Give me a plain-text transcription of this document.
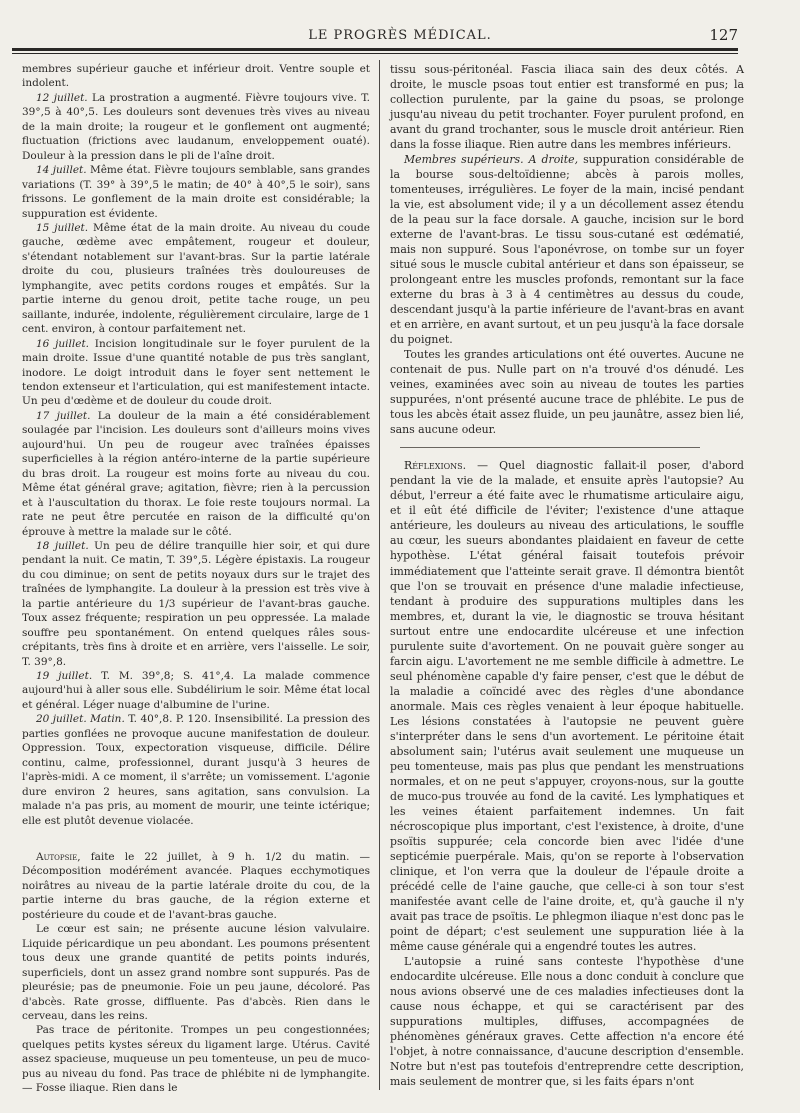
LE PROGRÈS MÉDICAL.	127

membres supérieur gauche et inférieur droit. Ventre souple et indolent.

12 juillet. La prostration a augmenté. Fièvre toujours vive. T. 39°,5 à 40°,5. Les douleurs sont devenues très vives au niveau de la main droite; la rougeur et le gonflement ont augmenté; fluctuation (frictions avec laudanum, enveloppement ouaté). Douleur à la pression dans le pli de l'aîne droit.

14 juillet. Même état. Fièvre toujours semblable, sans grandes variations (T. 39° à 39°,5 le matin; de 40° à 40°,5 le soir), sans frissons. Le gonflement de la main droite est considérable; la suppuration est évidente.

15 juillet. Même état de la main droite. Au niveau du coude gauche, œdème avec empâtement, rougeur et douleur, s'étendant notablement sur l'avant-bras. Sur la partie latérale droite du cou, plusieurs traînées très douloureuses de lymphangite, avec petits cordons rouges et empâtés. Sur la partie interne du genou droit, petite tache rouge, un peu saillante, indurée, indolente, régulièrement circulaire, large de 1 cent. environ, à contour parfaitement net.

16 juillet. Incision longitudinale sur le foyer purulent de la main droite. Issue d'une quantité notable de pus très sanglant, inodore. Le doigt introduit dans le foyer sent nettement le tendon extenseur et l'articulation, qui est manifestement intacte. Un peu d'œdème et de douleur du coude droit.

17 juillet. La douleur de la main a été considérablement soulagée par l'incision. Les douleurs sont d'ailleurs moins vives aujourd'hui. Un peu de rougeur avec traînées épaisses superficielles à la région antéro-interne de la partie supérieure du bras droit. La rougeur est moins forte au niveau du cou. Même état général grave; agitation, fièvre; rien à la percussion et à l'auscultation du thorax. Le foie reste toujours normal. La rate ne peut être percutée en raison de la difficulté qu'on éprouve à mettre la malade sur le côté.

18 juillet. Un peu de délire tranquille hier soir, et qui dure pendant la nuit. Ce matin, T. 39°,5. Légère épistaxis. La rougeur du cou diminue; on sent de petits noyaux durs sur le trajet des traînées de lymphangite. La douleur à la pression est très vive à la partie antérieure du 1/3 supérieur de l'avant-bras gauche. Toux assez fréquente; respiration un peu oppressée. La malade souffre peu spontanément. On entend quelques râles sous-crépitants, très fins à droite et en arrière, vers l'aisselle. Le soir, T. 39°,8.

19 juillet. T. M. 39°,8; S. 41°,4. La malade commence aujourd'hui à aller sous elle. Subdélirium le soir. Même état local et général. Léger nuage d'albumine de l'urine.

20 juillet. Matin. T. 40°,8. P. 120. Insensibilité. La pression des parties gonflées ne provoque aucune manifestation de douleur. Oppression. Toux, expectoration visqueuse, difficile. Délire continu, calme, professionnel, durant jusqu'à 3 heures de l'après-midi. A ce moment, il s'arrête; un vomissement. L'agonie dure environ 2 heures, sans agitation, sans convulsion. La malade n'a pas pris, au moment de mourir, une teinte ictérique; elle est plutôt devenue violacée.

Autopsie, faite le 22 juillet, à 9 h. 1/2 du matin. — Décomposition modérément avancée. Plaques ecchymotiques noirâtres au niveau de la partie latérale droite du cou, de la partie interne du bras gauche, de la région externe et postérieure du coude et de l'avant-bras gauche.

Le cœur est sain; ne présente aucune lésion valvulaire. Liquide péricardique un peu abondant. Les poumons présentent tous deux une grande quantité de petits points indurés, superficiels, dont un assez grand nombre sont suppurés. Pas de pleurésie; pas de pneumonie. Foie un peu jaune, décoloré. Pas d'abcès. Rate grosse, diffluente. Pas d'abcès. Rien dans le cerveau, dans les reins.

Pas trace de péritonite. Trompes un peu congestionnées; quelques petits kystes séreux du ligament large. Utérus. Cavité assez spacieuse, muqueuse un peu tomenteuse, un peu de muco-pus au niveau du fond. Pas trace de phlébite ni de lymphangite. — Fosse iliaque. Rien dans le

tissu sous-péritonéal. Fascia iliaca sain des deux côtés. A droite, le muscle psoas tout entier est transformé en pus; la collection purulente, par la gaine du psoas, se prolonge jusqu'au niveau du petit trochanter. Foyer purulent profond, en avant du grand trochanter, sous le muscle droit antérieur. Rien dans la fosse iliaque. Rien autre dans les membres inférieurs.

Membres supérieurs. A droite, suppuration considérable de la bourse sous-deltoïdienne; abcès à parois molles, tomenteuses, irrégulières. Le foyer de la main, incisé pendant la vie, est absolument vide; il y a un décollement assez étendu de la peau sur la face dorsale. A gauche, incision sur le bord externe de l'avant-bras. Le tissu sous-cutané est œdématié, mais non suppuré. Sous l'aponévrose, on tombe sur un foyer situé sous le muscle cubital antérieur et dans son épaisseur, se prolongeant entre les muscles profonds, remontant sur la face externe du bras à 3 à 4 centimètres au dessus du coude, descendant jusqu'à la partie inférieure de l'avant-bras en avant et en arrière, en avant surtout, et un peu jusqu'à la face dorsale du poignet.

Toutes les grandes articulations ont été ouvertes. Aucune ne contenait de pus. Nulle part on n'a trouvé d'os dénudé. Les veines, examinées avec soin au niveau de toutes les parties suppurées, n'ont présenté aucune trace de phlébite. Le pus de tous les abcès était assez fluide, un peu jaunâtre, assez bien lié, sans aucune odeur.

Réflexions. — Quel diagnostic fallait-il poser, d'abord pendant la vie de la malade, et ensuite après l'autopsie? Au début, l'erreur a été faite avec le rhumatisme articulaire aigu, et il eût été difficile de l'éviter; l'existence d'une attaque antérieure, les douleurs au niveau des articulations, le souffle au cœur, les sueurs abondantes plaidaient en faveur de cette hypothèse. L'état général faisait toutefois prévoir immédiatement que l'atteinte serait grave. Il démontra bientôt que l'on se trouvait en présence d'une maladie infectieuse, tendant à produire des suppurations multiples dans les membres, et, durant la vie, le diagnostic se trouva hésitant surtout entre une endocardite ulcéreuse et une infection purulente suite d'avortement. On ne pouvait guère songer au farcin aigu. L'avortement ne me semble difficile à admettre. Le seul phénomène capable d'y faire penser, c'est que le début de la maladie a coïncidé avec des règles d'une abondance anormale. Mais ces règles venaient à leur époque habituelle. Les lésions constatées à l'autopsie ne peuvent guère s'interpréter dans le sens d'un avortement. Le péritoine était absolument sain; l'utérus avait seulement une muqueuse un peu tomenteuse, mais pas plus que pendant les menstruations normales, et on ne peut s'appuyer, croyons-nous, sur la goutte de muco-pus trouvée au fond de la cavité. Les lymphatiques et les veines étaient parfaitement indemnes. Un fait nécroscopique plus important, c'est l'existence, à droite, d'une psoïtis suppurée; cela concorde bien avec l'idée d'une septicémie puerpérale. Mais, qu'on se reporte à l'observation clinique, et l'on verra que la douleur de l'épaule droite a précédé celle de l'aine gauche, que celle-ci à son tour s'est manifestée avant celle de l'aine droite, et, qu'à gauche il n'y avait pas trace de psoïtis. Le phlegmon iliaque n'est donc pas le point de départ; c'est seulement une suppuration liée à la même cause générale qui a engendré toutes les autres.

L'autopsie a ruiné sans conteste l'hypothèse d'une endocardite ulcéreuse. Elle nous a donc conduit à conclure que nous avions observé une de ces maladies infectieuses dont la cause nous échappe, et qui se caractérisent par des suppurations multiples, diffuses, accompagnées de phénomènes généraux graves. Cette affection n'a encore été l'objet, à notre connaissance, d'aucune description d'ensemble. Notre but n'est pas toutefois d'entreprendre cette description, mais seulement de montrer que, si les faits épars n'ont
